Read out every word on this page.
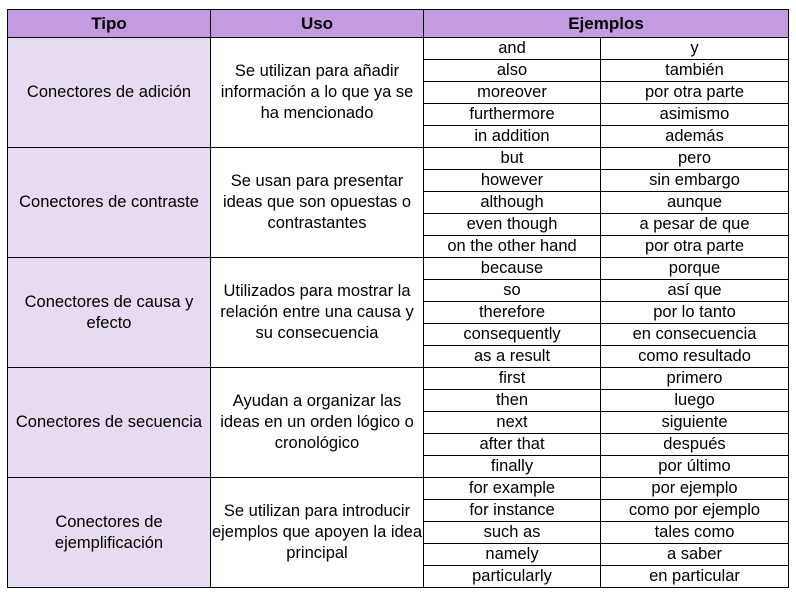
Tipo	Uso	Ejemplos	
Conectores de adición	Se utilizan para añadir información a lo que ya se ha mencionado	and	y
		also	también
		moreover	por otra parte
		furthermore	asimismo
		in addition	además
Conectores de contraste	Se usan para presentar ideas que son opuestas o contrastantes	but	pero
		however	sin embargo
		although	aunque
		even though	a pesar de que
		on the other hand	por otra parte
Conectores de causa y efecto	Utilizados para mostrar la relación entre una causa y su consecuencia	because	porque
		so	así que
		therefore	por lo tanto
		consequently	en consecuencia
		as a result	como resultado
Conectores de secuencia	Ayudan a organizar las ideas en un orden lógico o cronológico	first	primero
		then	luego
		next	siguiente
		after that	después
		finally	por último
Conectores de ejemplificación	Se utilizan para introducir ejemplos que apoyen la idea principal	for example	por ejemplo
		for instance	como por ejemplo
		such as	tales como
		namely	a saber
		particularly	en particular
